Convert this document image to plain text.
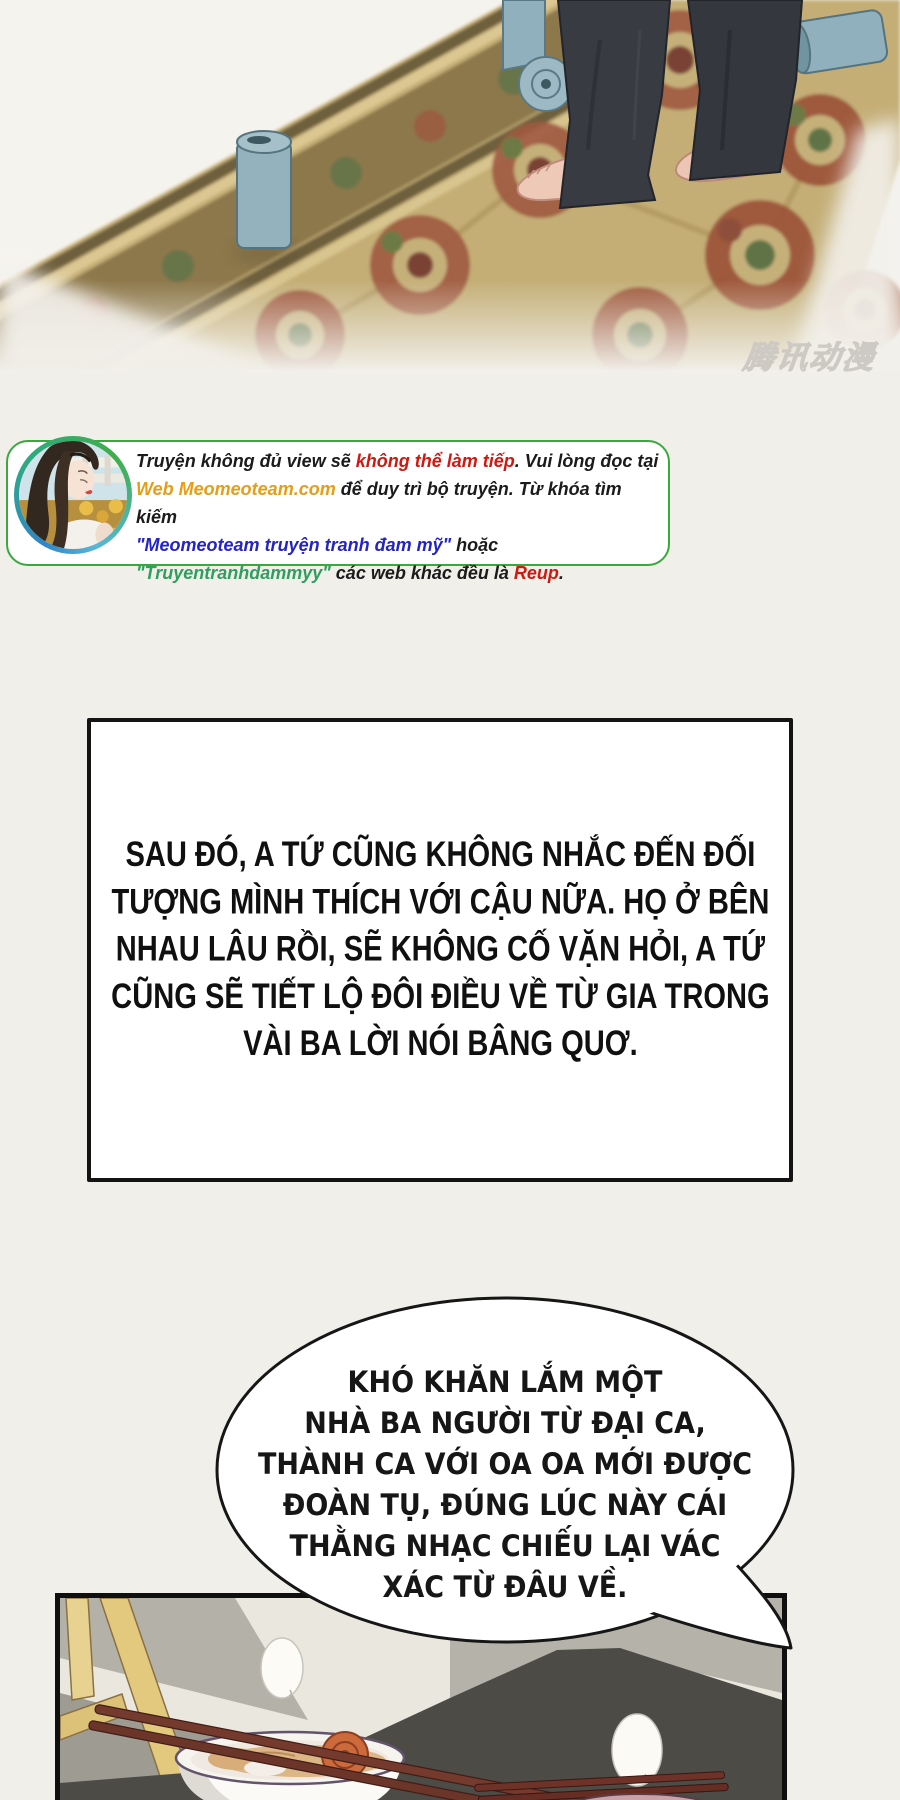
腾讯动漫
Truyện không đủ view sẽ không thể làm tiếp. Vui lòng đọc tại
Web Meomeoteam.com để duy trì bộ truyện. Từ khóa tìm kiếm
"Meomeoteam truyện tranh đam mỹ" hoặc
"Truyentranhdammyy" các web khác đều là Reup.
SAU ĐÓ, A TỨ CŨNG KHÔNG NHẮC ĐẾN ĐỐI
TƯỢNG MÌNH THÍCH VỚI CẬU NỮA. HỌ Ở BÊN
NHAU LÂU RỒI, SẼ KHÔNG CỐ VẶN HỎI, A TỨ
CŨNG SẼ TIẾT LỘ ĐÔI ĐIỀU VỀ TỪ GIA TRONG
VÀI BA LỜI NÓI BÂNG QUƠ.
KHÓ KHĂN LẮM MỘT
NHÀ BA NGƯỜI TỪ ĐẠI CA,
THÀNH CA VỚI OA OA MỚI ĐƯỢC
ĐOÀN TỤ, ĐÚNG LÚC NÀY CÁI
THẰNG NHẠC CHIẾU LẠI VÁC
XÁC TỪ ĐÂU VỀ.
